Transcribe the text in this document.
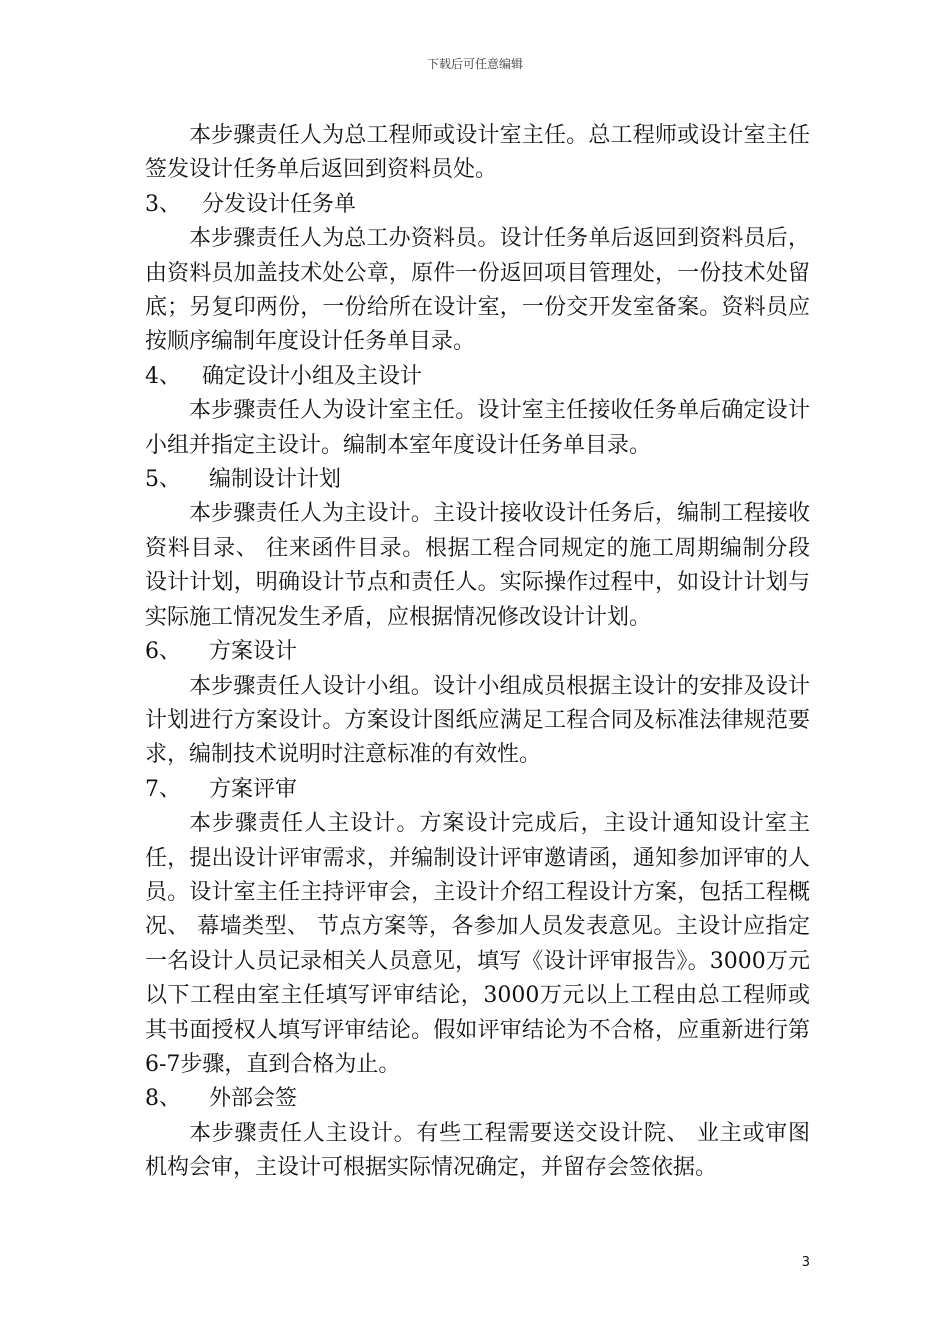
下载后可任意编辑

本步骤责任人为总工程师或设计室主任。总工程师或设计室主任签发设计任务单后返回到资料员处。

3、   分发设计任务单

本步骤责任人为总工办资料员。设计任务单后返回到资料员后，由资料员加盖技术处公章，原件一份返回项目管理处，一份技术处留底；另复印两份，一份给所在设计室，一份交开发室备案。资料员应按顺序编制年度设计任务单目录。

4、   确定设计小组及主设计

本步骤责任人为设计室主任。设计室主任接收任务单后确定设计小组并指定主设计。编制本室年度设计任务单目录。

5、    编制设计计划

本步骤责任人为主设计。主设计接收设计任务后，编制工程接收资料目录、 往来函件目录。根据工程合同规定的施工周期编制分段设计计划，明确设计节点和责任人。实际操作过程中，如设计计划与实际施工情况发生矛盾，应根据情况修改设计计划。

6、    方案设计

本步骤责任人设计小组。设计小组成员根据主设计的安排及设计计划进行方案设计。方案设计图纸应满足工程合同及标准法律规范要求，编制技术说明时注意标准的有效性。

7、    方案评审

本步骤责任人主设计。方案设计完成后，主设计通知设计室主任，提出设计评审需求，并编制设计评审邀请函，通知参加评审的人员。设计室主任主持评审会，主设计介绍工程设计方案，包括工程概况、 幕墙类型、 节点方案等，各参加人员发表意见。主设计应指定一名设计人员记录相关人员意见，填写《设计评审报告》。3000万元以下工程由室主任填写评审结论，3000万元以上工程由总工程师或其书面授权人填写评审结论。假如评审结论为不合格，应重新进行第6-7步骤，直到合格为止。

8、    外部会签

本步骤责任人主设计。有些工程需要送交设计院、 业主或审图机构会审，主设计可根据实际情况确定，并留存会签依据。

3
